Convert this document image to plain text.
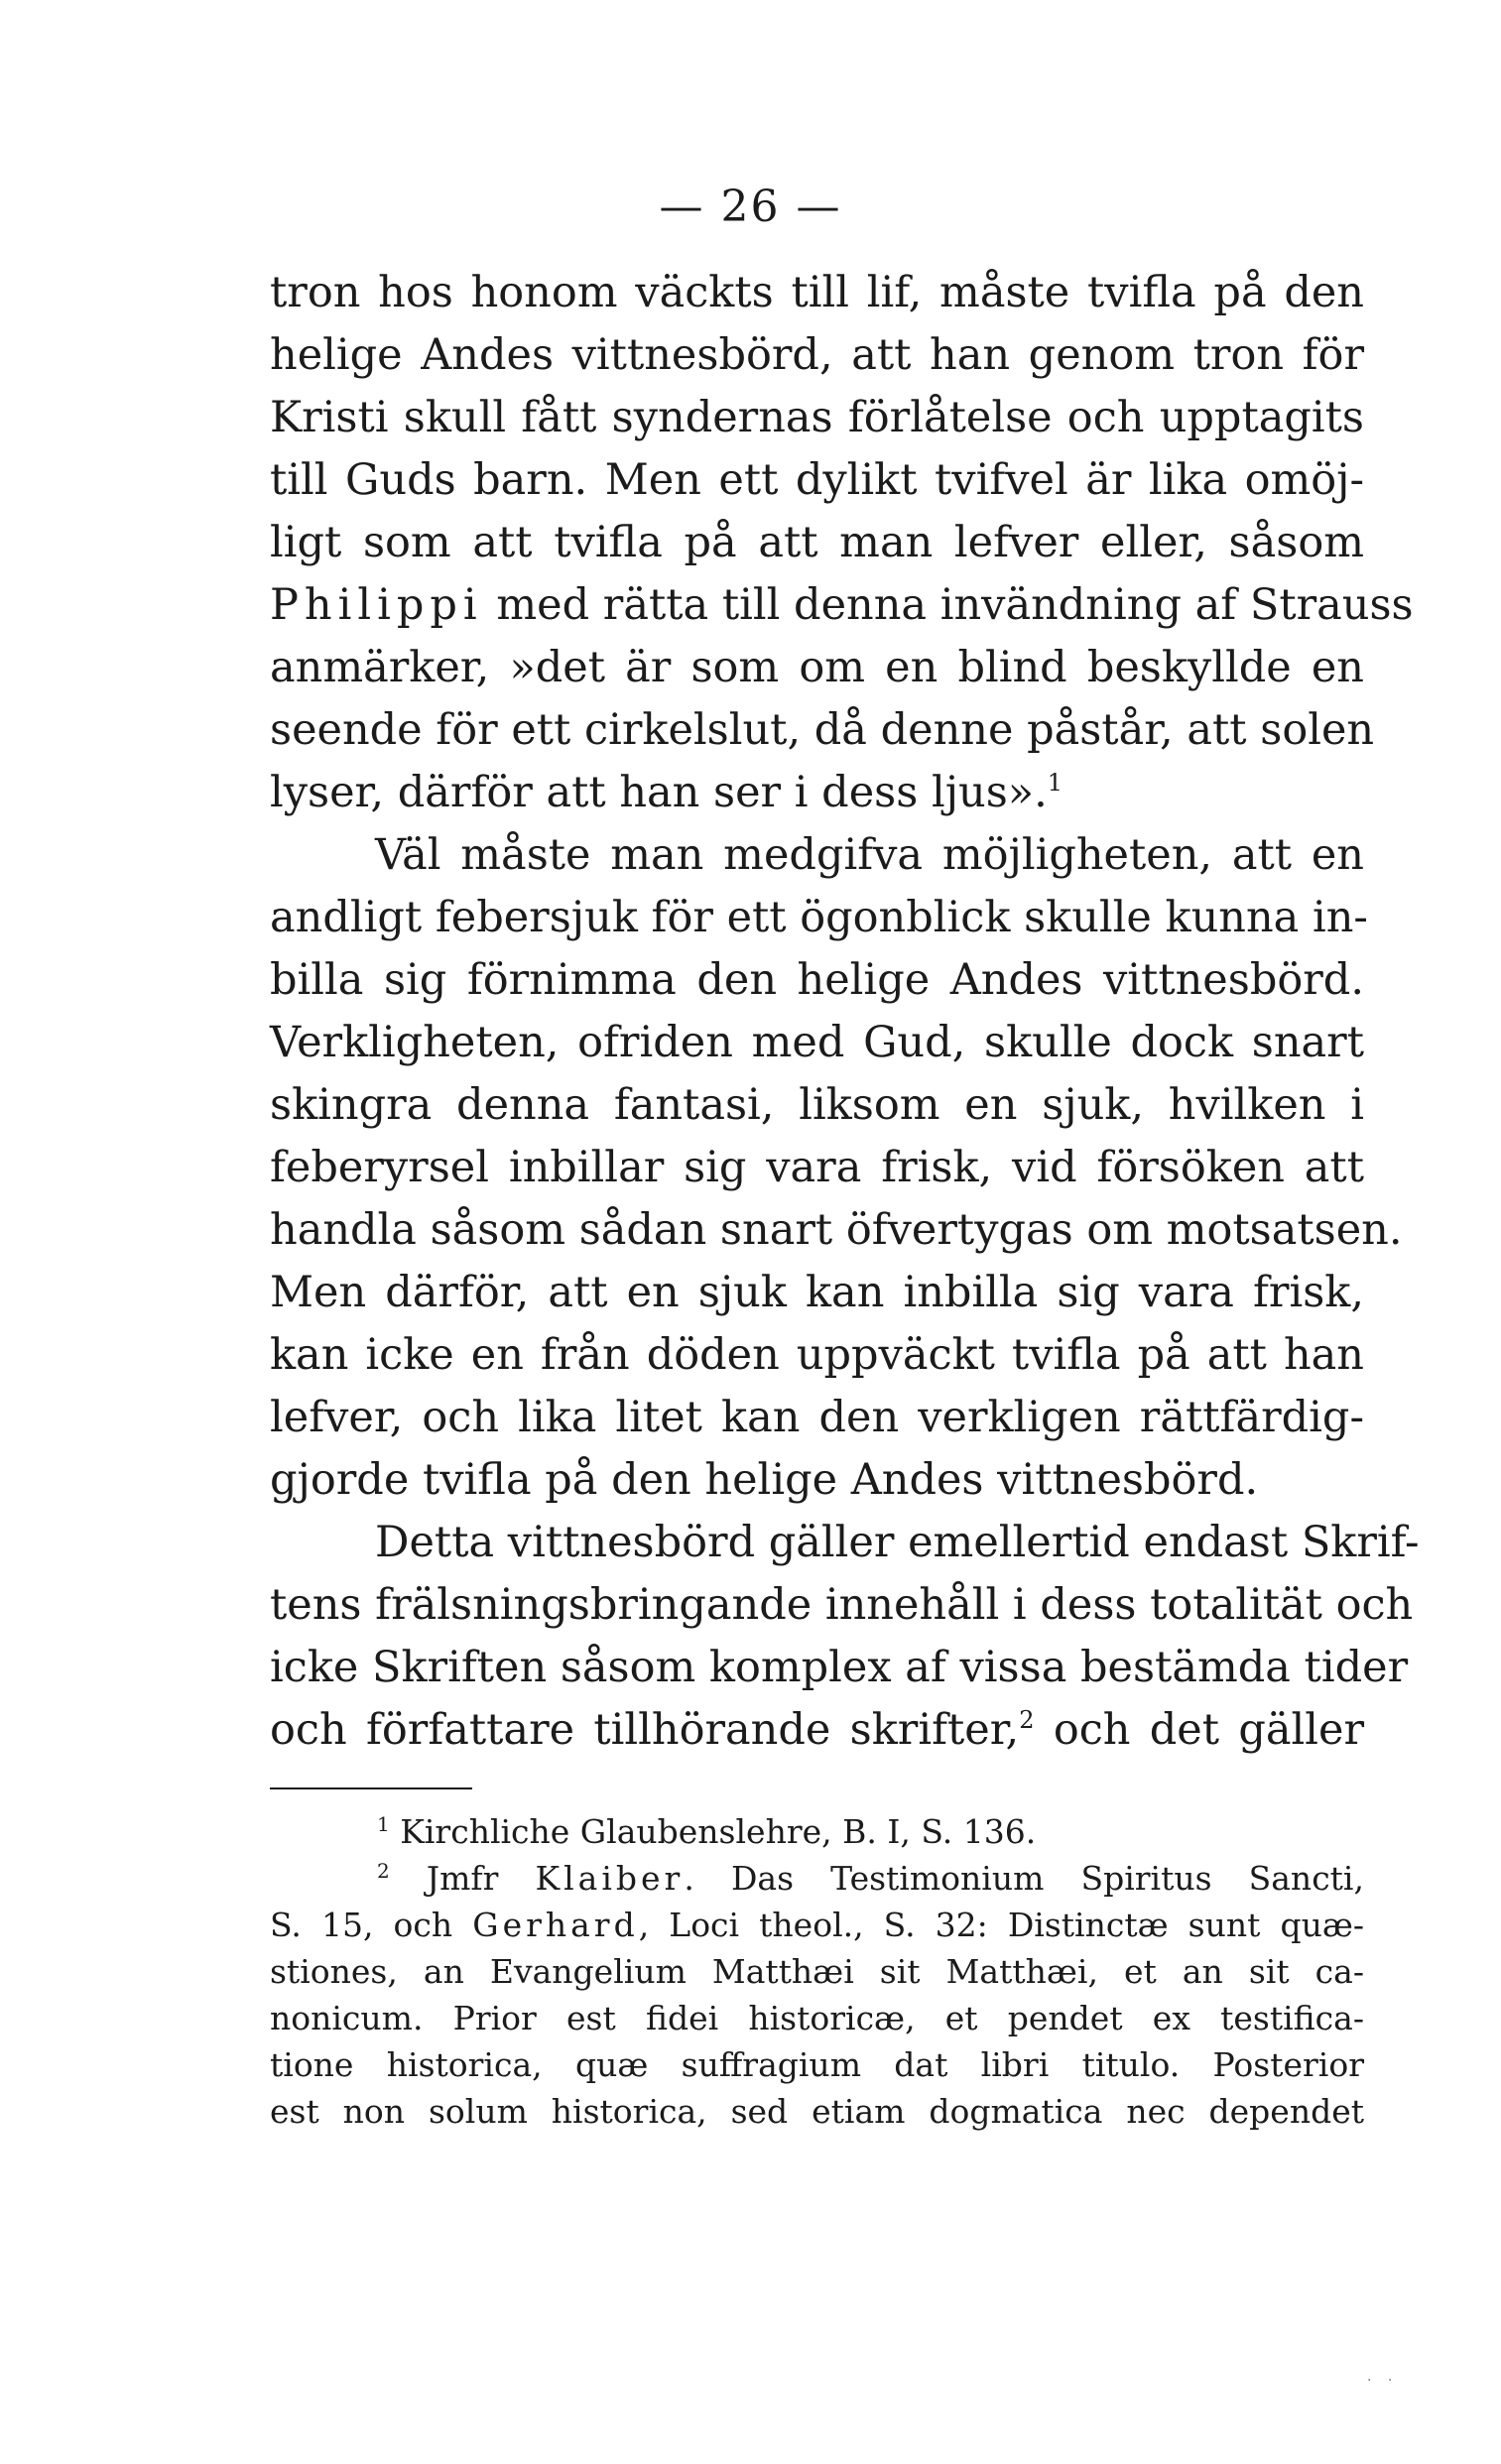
— 26 —
tron hos honom väckts till lif, måste tvifla på den
helige Andes vittnesbörd, att han genom tron för
Kristi skull fått syndernas förlåtelse och upptagits
till Guds barn. Men ett dylikt tvifvel är lika omöj-
ligt som att tvifla på att man lefver eller, såsom
Philippi med rätta till denna invändning af Strauss
anmärker, »det är som om en blind beskyllde en
seende för ett cirkelslut, då denne påstår, att solen
lyser, därför att han ser i dess ljus».$^1$
Väl måste man medgifva möjligheten, att en
andligt febersjuk för ett ögonblick skulle kunna in-
billa sig förnimma den helige Andes vittnesbörd.
Verkligheten, ofriden med Gud, skulle dock snart
skingra denna fantasi, liksom en sjuk, hvilken i
feberyrsel inbillar sig vara frisk, vid försöken att
handla såsom sådan snart öfvertygas om motsatsen.
Men därför, att en sjuk kan inbilla sig vara frisk,
kan icke en från döden uppväckt tvifla på att han
lefver, och lika litet kan den verkligen rättfärdig-
gjorde tvifla på den helige Andes vittnesbörd.
Detta vittnesbörd gäller emellertid endast Skrif-
tens frälsningsbringande innehåll i dess totalität och
icke Skriften såsom komplex af vissa bestämda tider
och författare tillhörande skrifter,$^2$ och det gäller
$^1$ Kirchliche Glaubenslehre, B. I, S. 136.
$^2$ Jmfr Klaiber. Das Testimonium Spiritus Sancti,
S. 15, och Gerhard, Loci theol., S. 32: Distinctæ sunt quæ-
stiones, an Evangelium Matthæi sit Matthæi, et an sit ca-
nonicum. Prior est fidei historicæ, et pendet ex testifica-
tione historica, quæ suffragium dat libri titulo. Posterior
est non solum historica, sed etiam dogmatica nec dependet
. .
